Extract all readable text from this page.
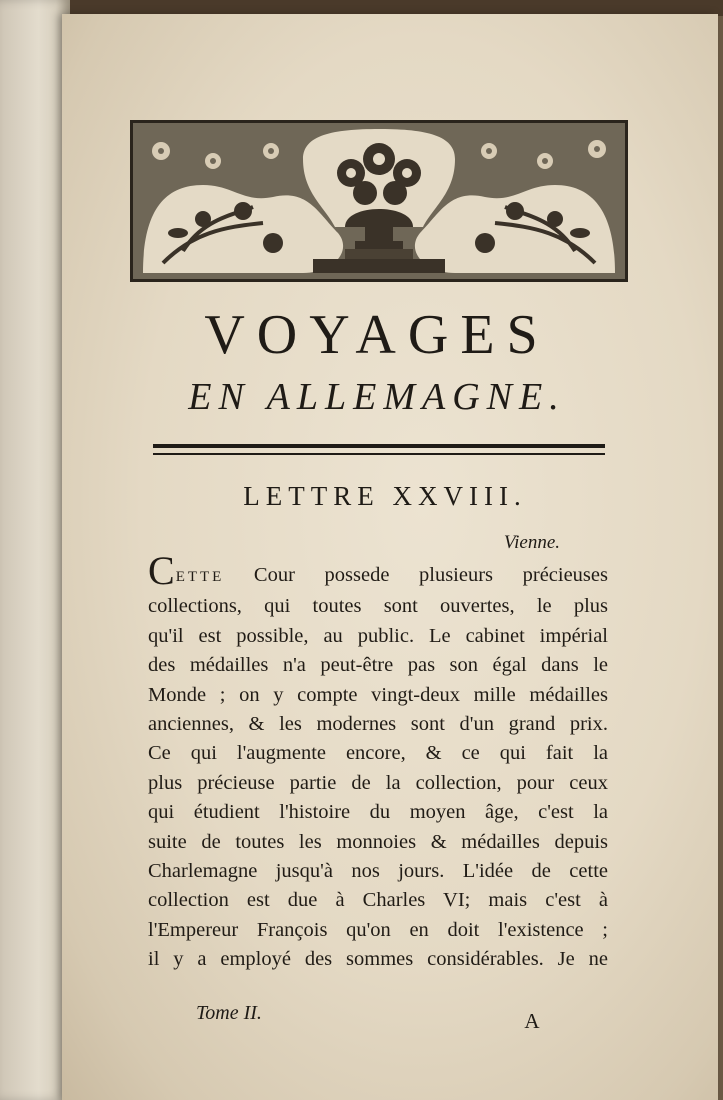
VOYAGES
EN ALLEMAGNE.
LETTRE XXVIII.
Vienne.
CETTE Cour possede plusieurs précieuses
collections, qui toutes sont ouvertes, le plus
qu'il est possible, au public. Le cabinet impérial
des médailles n'a peut-être pas son égal dans le
Monde ; on y compte vingt-deux mille médailles
anciennes, & les modernes sont d'un grand prix.
Ce qui l'augmente encore, & ce qui fait la
plus précieuse partie de la collection, pour ceux
qui étudient l'histoire du moyen âge, c'est la
suite de toutes les monnoies & médailles depuis
Charlemagne jusqu'à nos jours. L'idée de cette
collection est due à Charles VI; mais c'est à
l'Empereur François qu'on en doit l'existence ;
il y a employé des sommes considérables. Je ne
Tome II.	A
